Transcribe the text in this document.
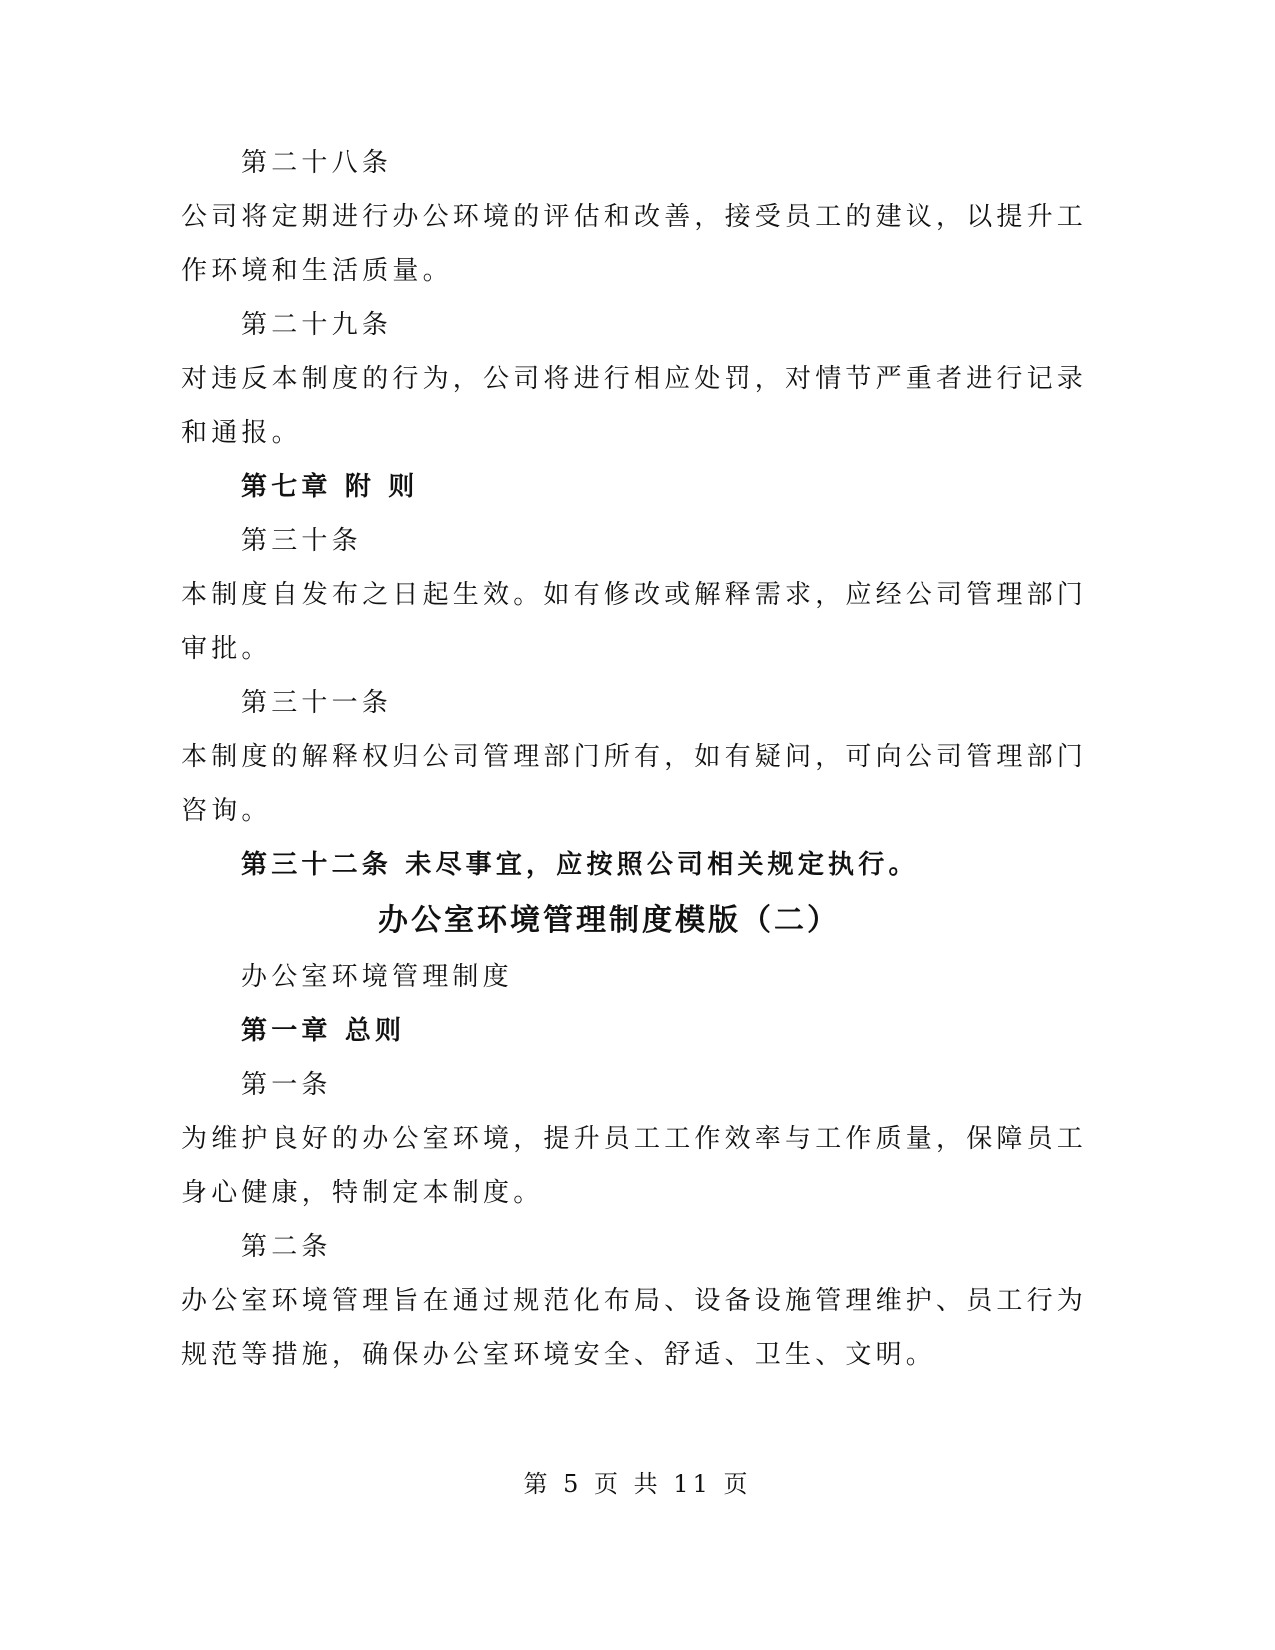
第二十八条

公司将定期进行办公环境的评估和改善，接受员工的建议，以提升工

作环境和生活质量。

第二十九条

对违反本制度的行为，公司将进行相应处罚，对情节严重者进行记录

和通报。

第七章 附 则

第三十条

本制度自发布之日起生效。如有修改或解释需求，应经公司管理部门

审批。

第三十一条

本制度的解释权归公司管理部门所有，如有疑问，可向公司管理部门

咨询。

第三十二条 未尽事宜，应按照公司相关规定执行。

办公室环境管理制度模版（二）

办公室环境管理制度

第一章 总则

第一条

为维护良好的办公室环境，提升员工工作效率与工作质量，保障员工

身心健康，特制定本制度。

第二条

办公室环境管理旨在通过规范化布局、设备设施管理维护、员工行为

规范等措施，确保办公室环境安全、舒适、卫生、文明。

第 5 页 共 11 页
